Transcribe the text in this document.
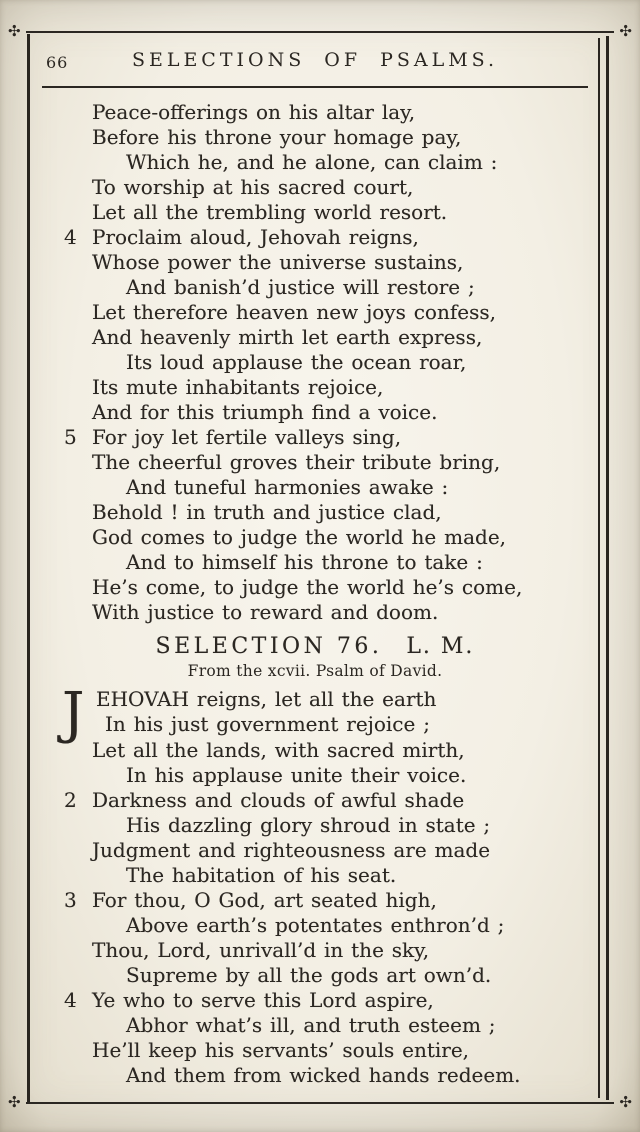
✣	✣
66	SELECTIONS OF PSALMS.
Peace-offerings on his altar lay,
Before his throne your homage pay,
Which he, and he alone, can claim :
To worship at his sacred court,
Let all the trembling world resort.
4 Proclaim aloud, Jehovah reigns,
Whose power the universe sustains,
And banish’d justice will restore ;
Let therefore heaven new joys confess,
And heavenly mirth let earth express,
Its loud applause the ocean roar,
Its mute inhabitants rejoice,
And for this triumph find a voice.
5 For joy let fertile valleys sing,
The cheerful groves their tribute bring,
And tuneful harmonies awake :
Behold ! in truth and justice clad,
God comes to judge the world he made,
And to himself his throne to take :
He’s come, to judge the world he’s come,
With justice to reward and doom.
SELECTION 76. L. M.
From the xcvii. Psalm of David.
J EHOVAH reigns, let all the earth
In his just government rejoice ;
Let all the lands, with sacred mirth,
In his applause unite their voice.
2 Darkness and clouds of awful shade
His dazzling glory shroud in state ;
Judgment and righteousness are made
The habitation of his seat.
3 For thou, O God, art seated high,
Above earth’s potentates enthron’d ;
Thou, Lord, unrivall’d in the sky,
Supreme by all the gods art own’d.
4 Ye who to serve this Lord aspire,
Abhor what’s ill, and truth esteem ;
He’ll keep his servants’ souls entire,
And them from wicked hands redeem.
✣	✣
